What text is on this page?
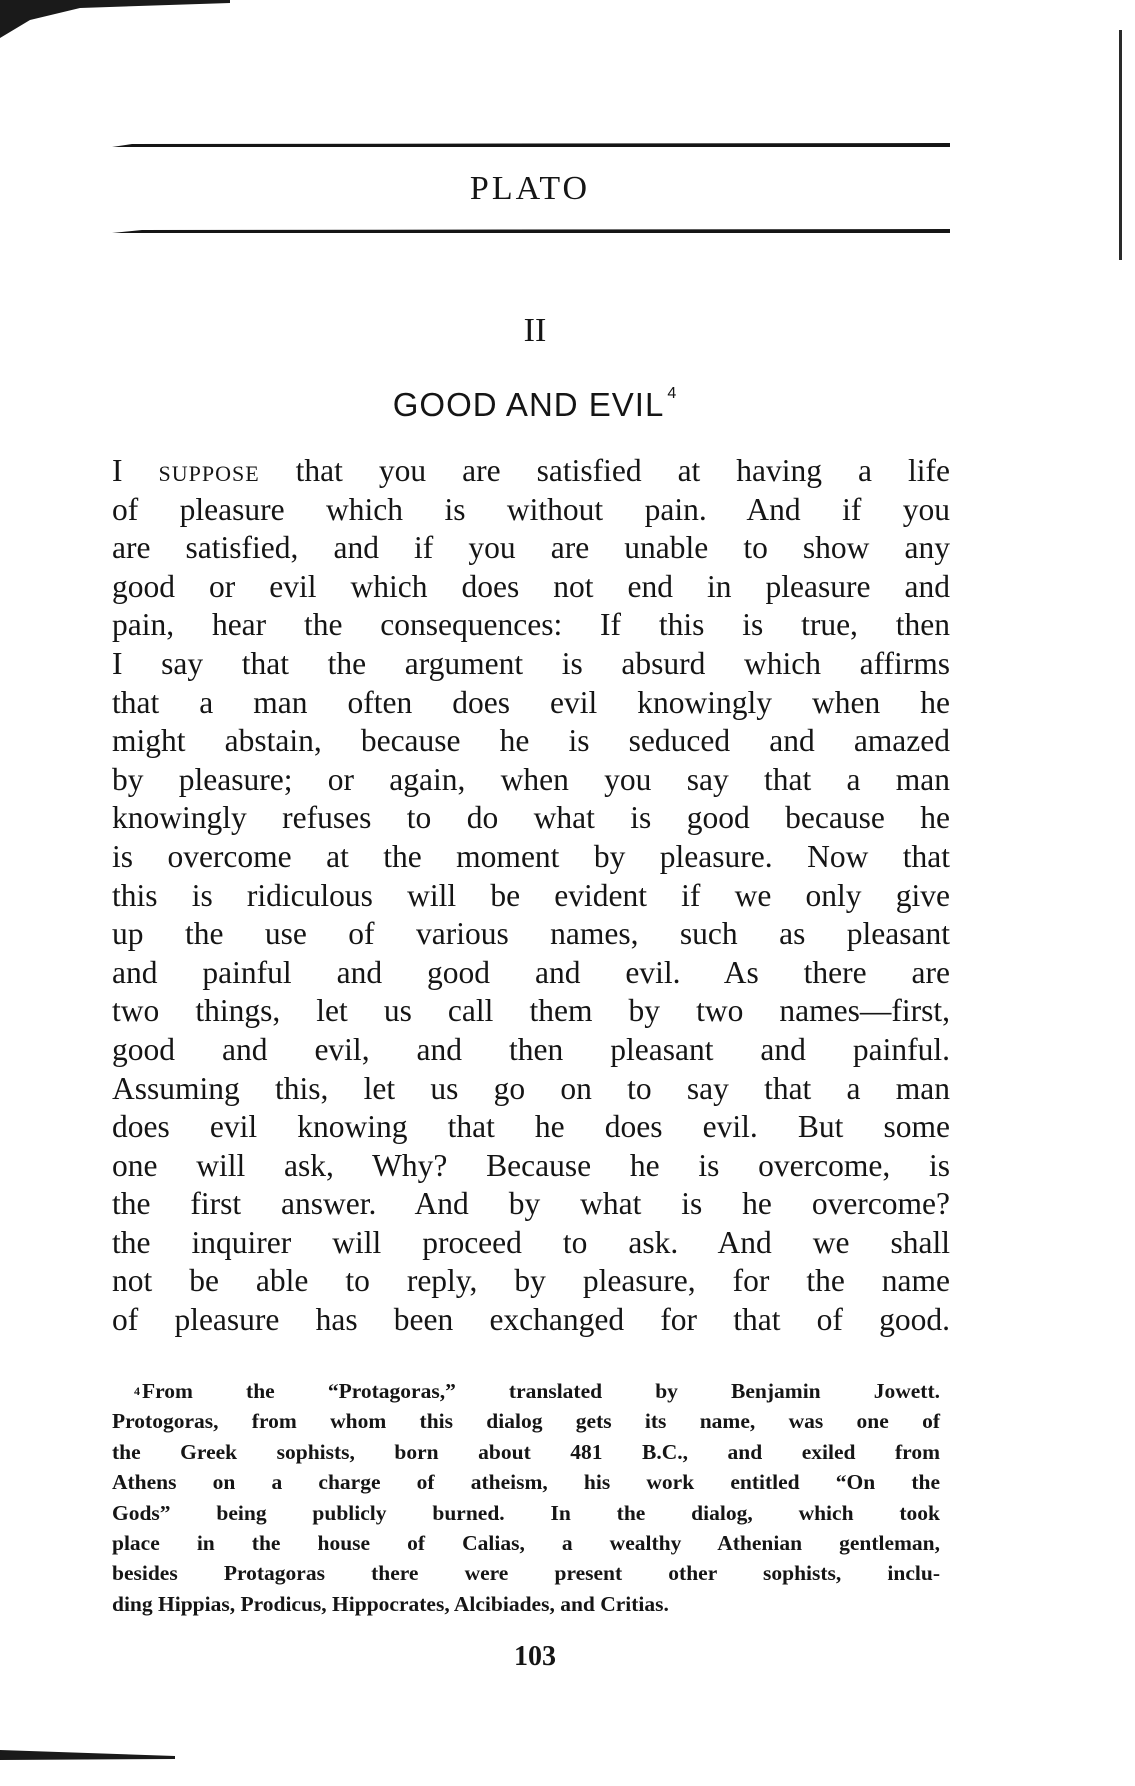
PLATO
II
GOOD AND EVIL $^4$
I suppose that you are satisfied at having a life
of pleasure which is without pain. And if you
are satisfied, and if you are unable to show any
good or evil which does not end in pleasure and
pain, hear the consequences: If this is true, then
I say that the argument is absurd which affirms
that a man often does evil knowingly when he
might abstain, because he is seduced and amazed
by pleasure; or again, when you say that a man
knowingly refuses to do what is good because he
is overcome at the moment by pleasure. Now that
this is ridiculous will be evident if we only give
up the use of various names, such as pleasant
and painful and good and evil. As there are
two things, let us call them by two names—first,
good and evil, and then pleasant and painful.
Assuming this, let us go on to say that a man
does evil knowing that he does evil. But some
one will ask, Why? Because he is overcome, is
the first answer. And by what is he overcome?
the inquirer will proceed to ask. And we shall
not be able to reply, by pleasure, for the name
of pleasure has been exchanged for that of good.
$^4$From the “Protagoras,” translated by Benjamin Jowett.
Protogoras, from whom this dialog gets its name, was one of
the Greek sophists, born about 481 B.C., and exiled from
Athens on a charge of atheism, his work entitled “On the
Gods” being publicly burned. In the dialog, which took
place in the house of Calias, a wealthy Athenian gentleman,
besides Protagoras there were present other sophists, inclu-
ding Hippias, Prodicus, Hippocrates, Alcibiades, and Critias.
103
